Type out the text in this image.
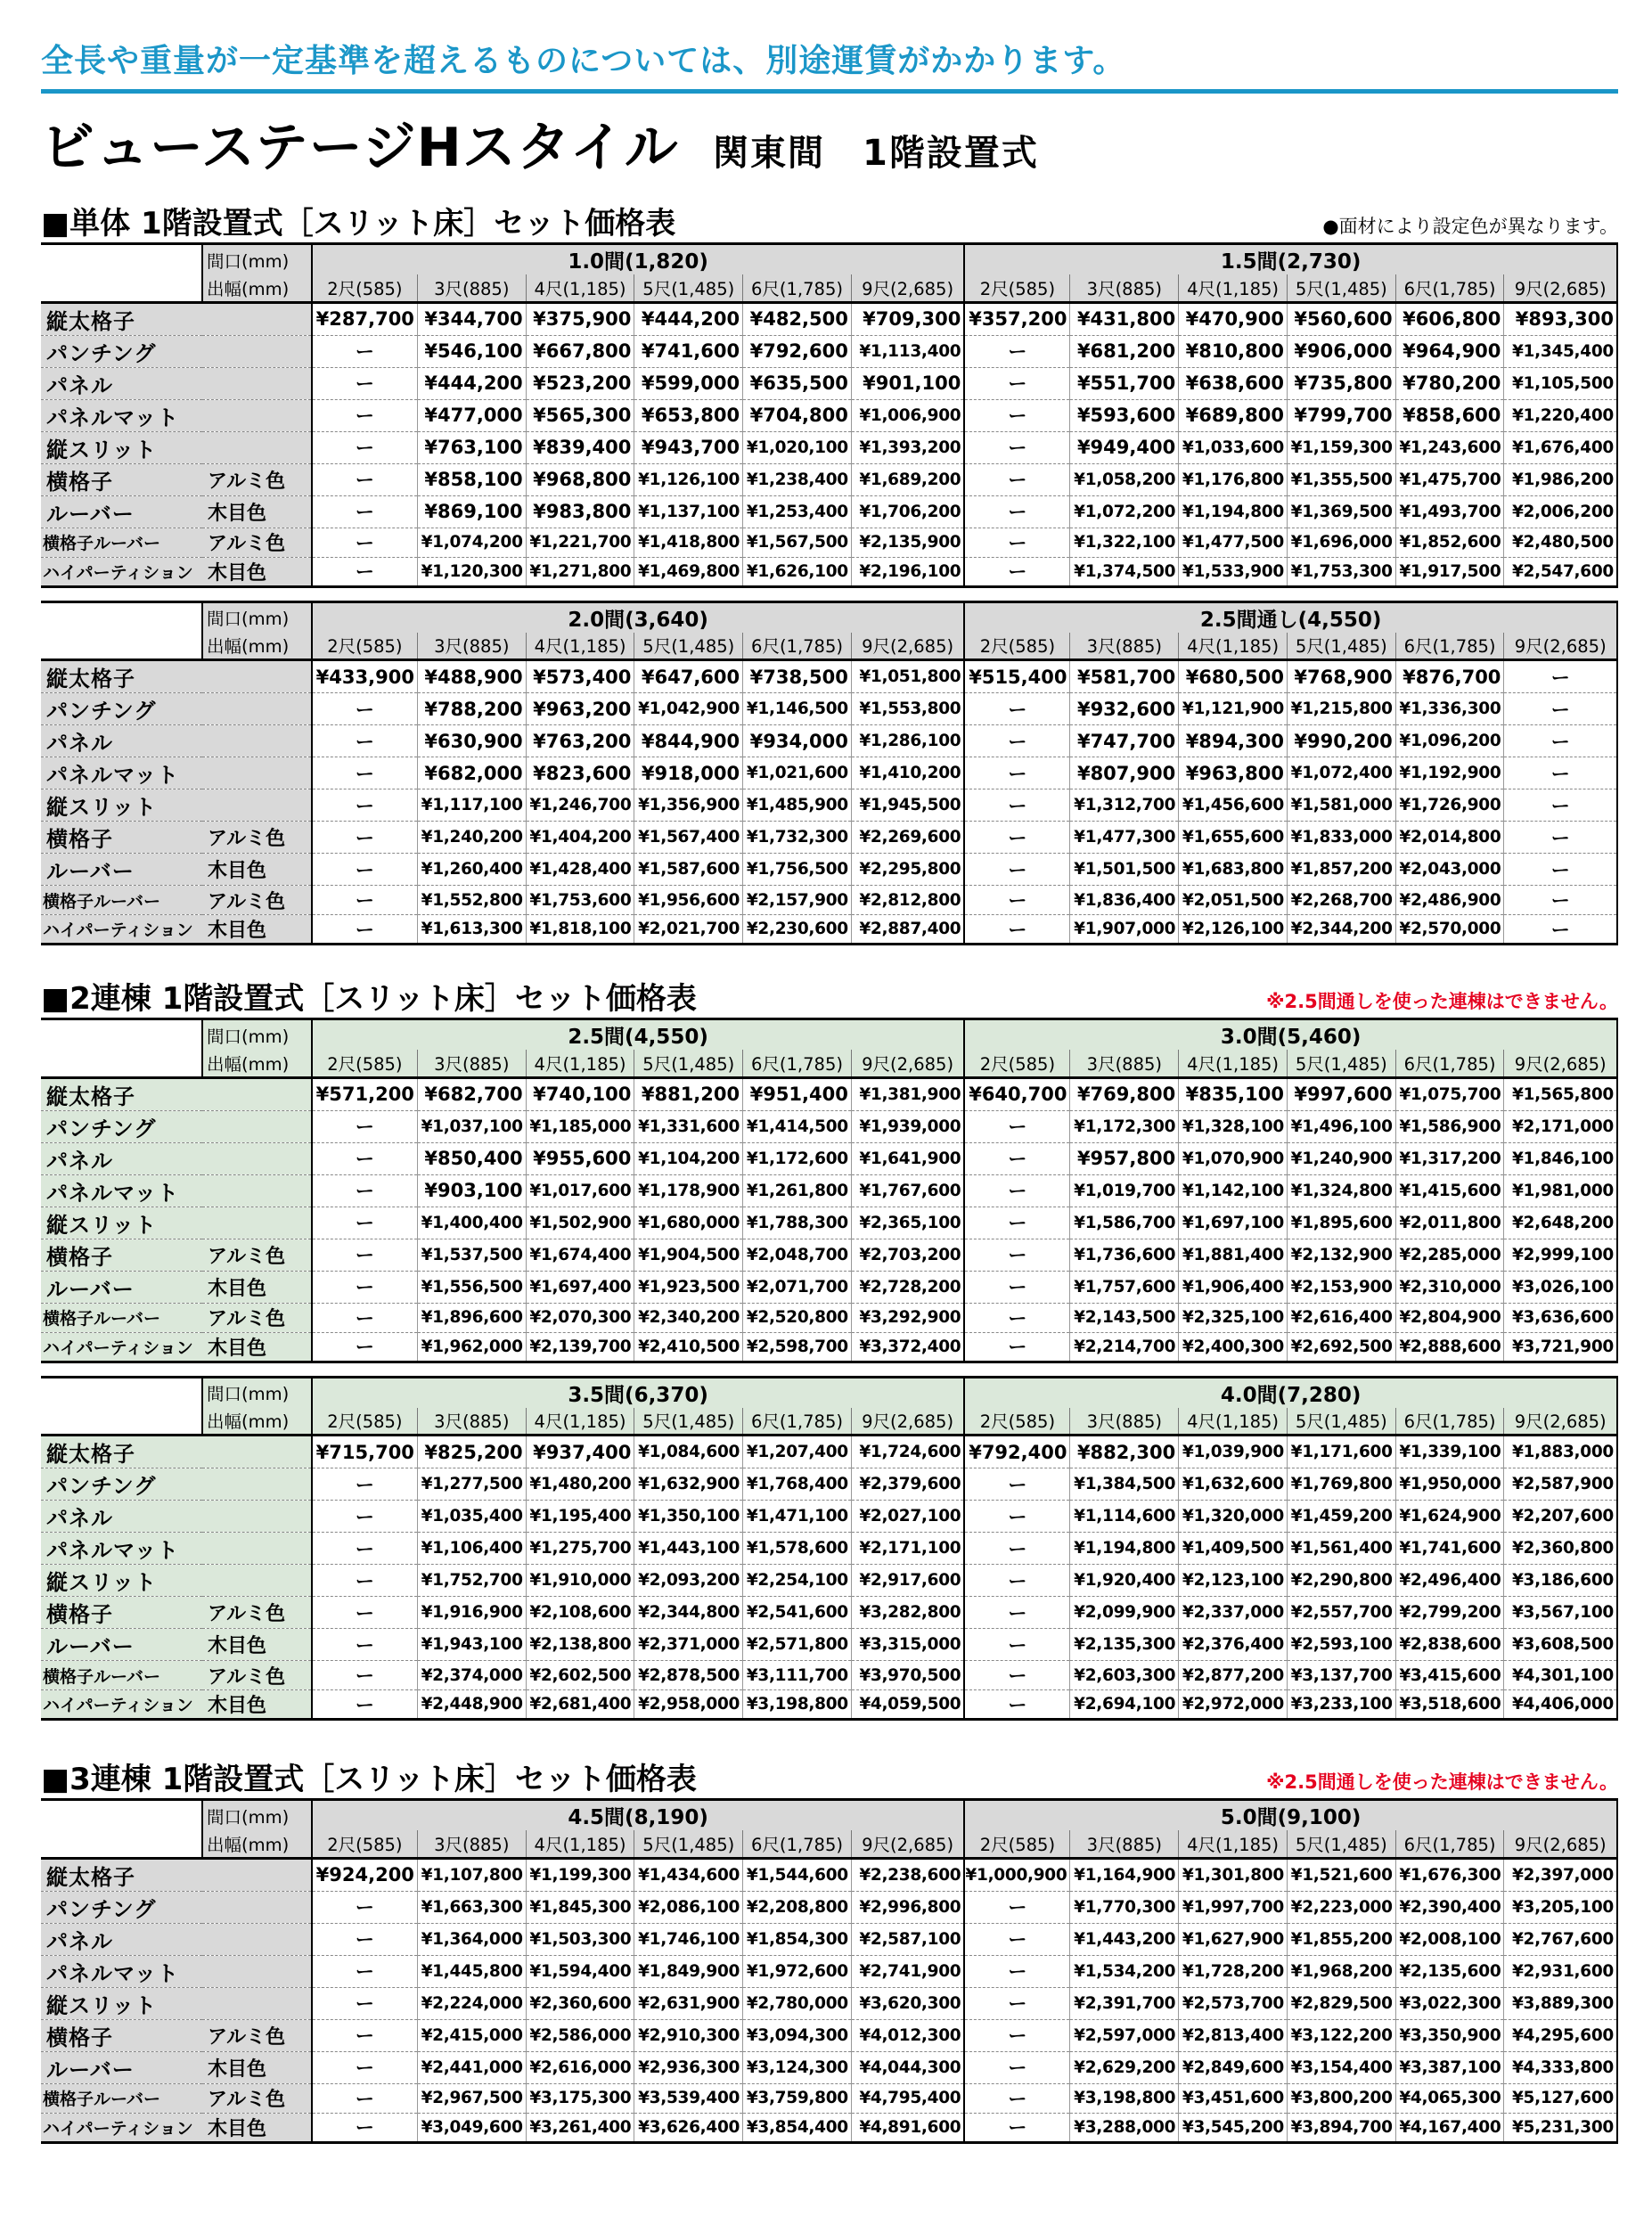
全長や重量が一定基準を超えるものについては、別途運賃がかかります。
ビューステージHスタイル 関東間　1階設置式
■単体 1階設置式［スリット床］セット価格表	●面材により設定色が異なります。
	間口(mm)	1.0間(1,820)						1.5間(2,730)					
	出幅(mm)	2尺(585)	3尺(885)	4尺(1,185)	5尺(1,485)	6尺(1,785)	9尺(2,685)	2尺(585)	3尺(885)	4尺(1,185)	5尺(1,485)	6尺(1,785)	9尺(2,685)
縦太格子		¥287,700	¥344,700	¥375,900	¥444,200	¥482,500	¥709,300	¥357,200	¥431,800	¥470,900	¥560,600	¥606,800	¥893,300
パンチング		ー	¥546,100	¥667,800	¥741,600	¥792,600	¥1,113,400	ー	¥681,200	¥810,800	¥906,000	¥964,900	¥1,345,400
パネル		ー	¥444,200	¥523,200	¥599,000	¥635,500	¥901,100	ー	¥551,700	¥638,600	¥735,800	¥780,200	¥1,105,500
パネルマット		ー	¥477,000	¥565,300	¥653,800	¥704,800	¥1,006,900	ー	¥593,600	¥689,800	¥799,700	¥858,600	¥1,220,400
縦スリット		ー	¥763,100	¥839,400	¥943,700	¥1,020,100	¥1,393,200	ー	¥949,400	¥1,033,600	¥1,159,300	¥1,243,600	¥1,676,400
横格子	アルミ色	ー	¥858,100	¥968,800	¥1,126,100	¥1,238,400	¥1,689,200	ー	¥1,058,200	¥1,176,800	¥1,355,500	¥1,475,700	¥1,986,200
ルーバー	木目色	ー	¥869,100	¥983,800	¥1,137,100	¥1,253,400	¥1,706,200	ー	¥1,072,200	¥1,194,800	¥1,369,500	¥1,493,700	¥2,006,200
横格子ルーバー	アルミ色	ー	¥1,074,200	¥1,221,700	¥1,418,800	¥1,567,500	¥2,135,900	ー	¥1,322,100	¥1,477,500	¥1,696,000	¥1,852,600	¥2,480,500
ハイパーティション	木目色	ー	¥1,120,300	¥1,271,800	¥1,469,800	¥1,626,100	¥2,196,100	ー	¥1,374,500	¥1,533,900	¥1,753,300	¥1,917,500	¥2,547,600
	間口(mm)	2.0間(3,640)						2.5間通し(4,550)					
	出幅(mm)	2尺(585)	3尺(885)	4尺(1,185)	5尺(1,485)	6尺(1,785)	9尺(2,685)	2尺(585)	3尺(885)	4尺(1,185)	5尺(1,485)	6尺(1,785)	9尺(2,685)
縦太格子		¥433,900	¥488,900	¥573,400	¥647,600	¥738,500	¥1,051,800	¥515,400	¥581,700	¥680,500	¥768,900	¥876,700	ー
パンチング		ー	¥788,200	¥963,200	¥1,042,900	¥1,146,500	¥1,553,800	ー	¥932,600	¥1,121,900	¥1,215,800	¥1,336,300	ー
パネル		ー	¥630,900	¥763,200	¥844,900	¥934,000	¥1,286,100	ー	¥747,700	¥894,300	¥990,200	¥1,096,200	ー
パネルマット		ー	¥682,000	¥823,600	¥918,000	¥1,021,600	¥1,410,200	ー	¥807,900	¥963,800	¥1,072,400	¥1,192,900	ー
縦スリット		ー	¥1,117,100	¥1,246,700	¥1,356,900	¥1,485,900	¥1,945,500	ー	¥1,312,700	¥1,456,600	¥1,581,000	¥1,726,900	ー
横格子	アルミ色	ー	¥1,240,200	¥1,404,200	¥1,567,400	¥1,732,300	¥2,269,600	ー	¥1,477,300	¥1,655,600	¥1,833,000	¥2,014,800	ー
ルーバー	木目色	ー	¥1,260,400	¥1,428,400	¥1,587,600	¥1,756,500	¥2,295,800	ー	¥1,501,500	¥1,683,800	¥1,857,200	¥2,043,000	ー
横格子ルーバー	アルミ色	ー	¥1,552,800	¥1,753,600	¥1,956,600	¥2,157,900	¥2,812,800	ー	¥1,836,400	¥2,051,500	¥2,268,700	¥2,486,900	ー
ハイパーティション	木目色	ー	¥1,613,300	¥1,818,100	¥2,021,700	¥2,230,600	¥2,887,400	ー	¥1,907,000	¥2,126,100	¥2,344,200	¥2,570,000	ー
■2連棟 1階設置式［スリット床］セット価格表	※2.5間通しを使った連棟はできません。
	間口(mm)	2.5間(4,550)						3.0間(5,460)					
	出幅(mm)	2尺(585)	3尺(885)	4尺(1,185)	5尺(1,485)	6尺(1,785)	9尺(2,685)	2尺(585)	3尺(885)	4尺(1,185)	5尺(1,485)	6尺(1,785)	9尺(2,685)
縦太格子		¥571,200	¥682,700	¥740,100	¥881,200	¥951,400	¥1,381,900	¥640,700	¥769,800	¥835,100	¥997,600	¥1,075,700	¥1,565,800
パンチング		ー	¥1,037,100	¥1,185,000	¥1,331,600	¥1,414,500	¥1,939,000	ー	¥1,172,300	¥1,328,100	¥1,496,100	¥1,586,900	¥2,171,000
パネル		ー	¥850,400	¥955,600	¥1,104,200	¥1,172,600	¥1,641,900	ー	¥957,800	¥1,070,900	¥1,240,900	¥1,317,200	¥1,846,100
パネルマット		ー	¥903,100	¥1,017,600	¥1,178,900	¥1,261,800	¥1,767,600	ー	¥1,019,700	¥1,142,100	¥1,324,800	¥1,415,600	¥1,981,000
縦スリット		ー	¥1,400,400	¥1,502,900	¥1,680,000	¥1,788,300	¥2,365,100	ー	¥1,586,700	¥1,697,100	¥1,895,600	¥2,011,800	¥2,648,200
横格子	アルミ色	ー	¥1,537,500	¥1,674,400	¥1,904,500	¥2,048,700	¥2,703,200	ー	¥1,736,600	¥1,881,400	¥2,132,900	¥2,285,000	¥2,999,100
ルーバー	木目色	ー	¥1,556,500	¥1,697,400	¥1,923,500	¥2,071,700	¥2,728,200	ー	¥1,757,600	¥1,906,400	¥2,153,900	¥2,310,000	¥3,026,100
横格子ルーバー	アルミ色	ー	¥1,896,600	¥2,070,300	¥2,340,200	¥2,520,800	¥3,292,900	ー	¥2,143,500	¥2,325,100	¥2,616,400	¥2,804,900	¥3,636,600
ハイパーティション	木目色	ー	¥1,962,000	¥2,139,700	¥2,410,500	¥2,598,700	¥3,372,400	ー	¥2,214,700	¥2,400,300	¥2,692,500	¥2,888,600	¥3,721,900
	間口(mm)	3.5間(6,370)						4.0間(7,280)					
	出幅(mm)	2尺(585)	3尺(885)	4尺(1,185)	5尺(1,485)	6尺(1,785)	9尺(2,685)	2尺(585)	3尺(885)	4尺(1,185)	5尺(1,485)	6尺(1,785)	9尺(2,685)
縦太格子		¥715,700	¥825,200	¥937,400	¥1,084,600	¥1,207,400	¥1,724,600	¥792,400	¥882,300	¥1,039,900	¥1,171,600	¥1,339,100	¥1,883,000
パンチング		ー	¥1,277,500	¥1,480,200	¥1,632,900	¥1,768,400	¥2,379,600	ー	¥1,384,500	¥1,632,600	¥1,769,800	¥1,950,000	¥2,587,900
パネル		ー	¥1,035,400	¥1,195,400	¥1,350,100	¥1,471,100	¥2,027,100	ー	¥1,114,600	¥1,320,000	¥1,459,200	¥1,624,900	¥2,207,600
パネルマット		ー	¥1,106,400	¥1,275,700	¥1,443,100	¥1,578,600	¥2,171,100	ー	¥1,194,800	¥1,409,500	¥1,561,400	¥1,741,600	¥2,360,800
縦スリット		ー	¥1,752,700	¥1,910,000	¥2,093,200	¥2,254,100	¥2,917,600	ー	¥1,920,400	¥2,123,100	¥2,290,800	¥2,496,400	¥3,186,600
横格子	アルミ色	ー	¥1,916,900	¥2,108,600	¥2,344,800	¥2,541,600	¥3,282,800	ー	¥2,099,900	¥2,337,000	¥2,557,700	¥2,799,200	¥3,567,100
ルーバー	木目色	ー	¥1,943,100	¥2,138,800	¥2,371,000	¥2,571,800	¥3,315,000	ー	¥2,135,300	¥2,376,400	¥2,593,100	¥2,838,600	¥3,608,500
横格子ルーバー	アルミ色	ー	¥2,374,000	¥2,602,500	¥2,878,500	¥3,111,700	¥3,970,500	ー	¥2,603,300	¥2,877,200	¥3,137,700	¥3,415,600	¥4,301,100
ハイパーティション	木目色	ー	¥2,448,900	¥2,681,400	¥2,958,000	¥3,198,800	¥4,059,500	ー	¥2,694,100	¥2,972,000	¥3,233,100	¥3,518,600	¥4,406,000
■3連棟 1階設置式［スリット床］セット価格表	※2.5間通しを使った連棟はできません。
	間口(mm)	4.5間(8,190)						5.0間(9,100)					
	出幅(mm)	2尺(585)	3尺(885)	4尺(1,185)	5尺(1,485)	6尺(1,785)	9尺(2,685)	2尺(585)	3尺(885)	4尺(1,185)	5尺(1,485)	6尺(1,785)	9尺(2,685)
縦太格子		¥924,200	¥1,107,800	¥1,199,300	¥1,434,600	¥1,544,600	¥2,238,600	¥1,000,900	¥1,164,900	¥1,301,800	¥1,521,600	¥1,676,300	¥2,397,000
パンチング		ー	¥1,663,300	¥1,845,300	¥2,086,100	¥2,208,800	¥2,996,800	ー	¥1,770,300	¥1,997,700	¥2,223,000	¥2,390,400	¥3,205,100
パネル		ー	¥1,364,000	¥1,503,300	¥1,746,100	¥1,854,300	¥2,587,100	ー	¥1,443,200	¥1,627,900	¥1,855,200	¥2,008,100	¥2,767,600
パネルマット		ー	¥1,445,800	¥1,594,400	¥1,849,900	¥1,972,600	¥2,741,900	ー	¥1,534,200	¥1,728,200	¥1,968,200	¥2,135,600	¥2,931,600
縦スリット		ー	¥2,224,000	¥2,360,600	¥2,631,900	¥2,780,000	¥3,620,300	ー	¥2,391,700	¥2,573,700	¥2,829,500	¥3,022,300	¥3,889,300
横格子	アルミ色	ー	¥2,415,000	¥2,586,000	¥2,910,300	¥3,094,300	¥4,012,300	ー	¥2,597,000	¥2,813,400	¥3,122,200	¥3,350,900	¥4,295,600
ルーバー	木目色	ー	¥2,441,000	¥2,616,000	¥2,936,300	¥3,124,300	¥4,044,300	ー	¥2,629,200	¥2,849,600	¥3,154,400	¥3,387,100	¥4,333,800
横格子ルーバー	アルミ色	ー	¥2,967,500	¥3,175,300	¥3,539,400	¥3,759,800	¥4,795,400	ー	¥3,198,800	¥3,451,600	¥3,800,200	¥4,065,300	¥5,127,600
ハイパーティション	木目色	ー	¥3,049,600	¥3,261,400	¥3,626,400	¥3,854,400	¥4,891,600	ー	¥3,288,000	¥3,545,200	¥3,894,700	¥4,167,400	¥5,231,300
